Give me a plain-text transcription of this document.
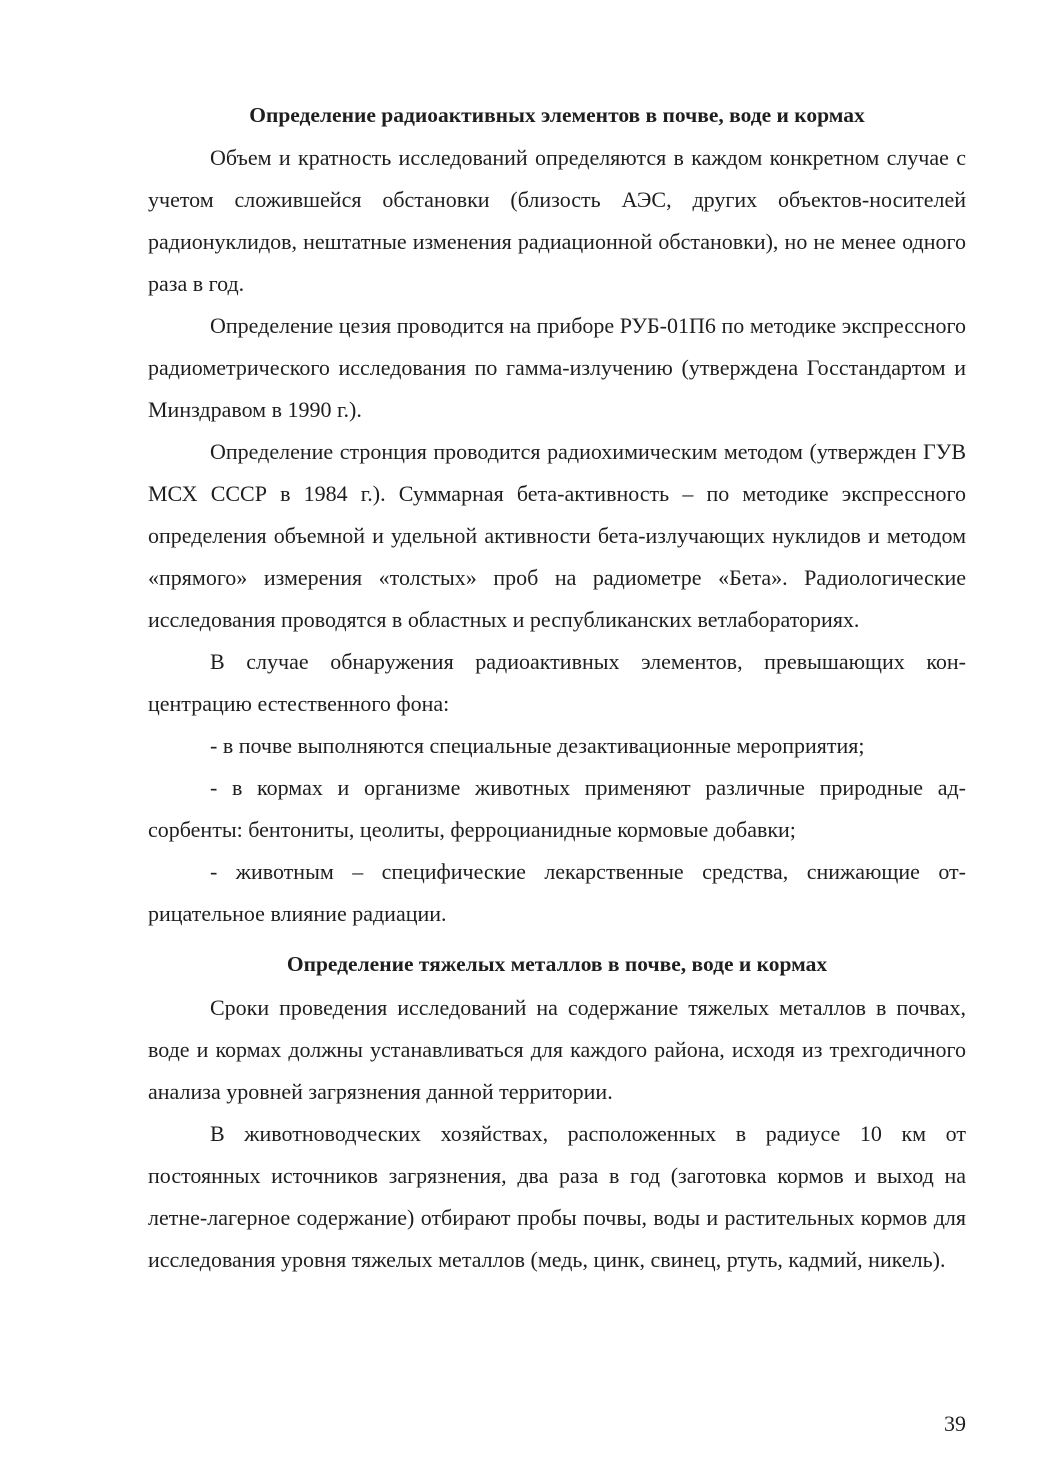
Определение радиоактивных элементов в почве, воде и кормах

Объем и кратность исследований определяются в каждом конкретном случае с учетом сложившейся обстановки (близость АЭС, других объектов-носителей радионуклидов, нештатные изменения радиационной обстановки), но не менее одного раза в год.

Определение цезия проводится на приборе РУБ-01П6 по методике экспрессного радиометрического исследования по гамма-излучению (утверждена Госстандартом и Минздравом в 1990 г.).

Определение стронция проводится радиохимическим методом (утвержден ГУВ МСХ СССР в 1984 г.). Суммарная бета-активность – по методике экспрессного определения объемной и удельной активности бета-излучающих нуклидов и методом «прямого» измерения «толстых» проб на радиометре «Бета». Радиологические исследования проводятся в областных и республиканских ветлабораториях.

В случае обнаружения радиоактивных элементов, превышающих концентрацию естественного фона:

- в почве выполняются специальные дезактивационные мероприятия;

- в кормах и организме животных применяют различные природные адсорбенты: бентониты, цеолиты, ферроцианидные кормовые добавки;

- животным – специфические лекарственные средства, снижающие отрицательное влияние радиации.

Определение тяжелых металлов в почве, воде и кормах

Сроки проведения исследований на содержание тяжелых металлов в почвах, воде и кормах должны устанавливаться для каждого района, исходя из трехгодичного анализа уровней загрязнения данной территории.

В животноводческих хозяйствах, расположенных в радиусе 10 км от постоянных источников загрязнения, два раза в год (заготовка кормов и выход на летне-лагерное содержание) отбирают пробы почвы, воды и растительных кормов для исследования уровня тяжелых металлов (медь, цинк, свинец, ртуть, кадмий, никель).

39
